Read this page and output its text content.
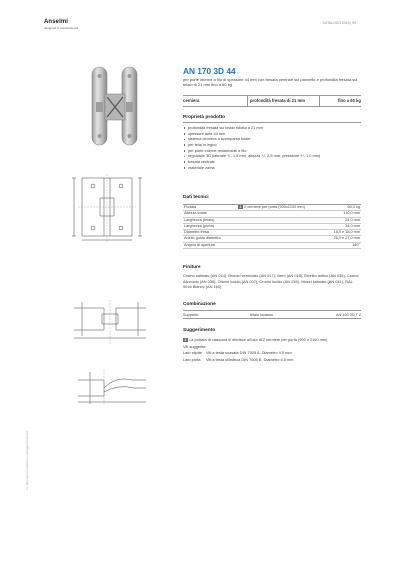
Anselmi
designed & manufactured
CATALOGO 2019 | 99
AN 170 3D 44
per porte interne a filo di spessore 44 mm con fresata centrale sul pannello e profondità fresata sul telaio di 21 mm fino a 60 kg
cerniera	profondità fresata di 21 mm	fino a 60 kg
Proprietà prodotto
profondità fresata sul telaio ridotta a 21 mm
spessore anta 44 mm
sistema cerniera a scomparsa totale
per telai in legno
per porte interne residenziali a filo
regolabile 3D (laterale +/- 1,5 mm, altezza +/- 2,5 mm, pressione +/- 1,0 mm)
fresata centrale
materiale zama
Dati tecnici
Portata	2 2 cerniere per porta (900x2100 mm)	60,0 kg
Altezza totale		110,0 mm
Larghezza (telaio)		24,0 mm
Larghezza (porta)		34,0 mm
Diametro fresa		16,0 e 18,0 mm
Anello guida diametro		25,0 e 27,0 mm
Angolo di apertura		180°
Finiture
Cromo satinato (AN 014), Bronzo verniciato (AN 017), Nero (AN 018), Brunito antico (AN 035), Cromo Alluminio (AN 036), Ottone lucido (AN 037), Cromo lucido (AN 039), Nickel satinato (AN 041), RAL 9016 Bianco (AN 160)
Combinazione
Supporto	telaio incasso	AN 160 3D T 2
Suggerimento
2 La portata di ciascuna si riferisce all'uso di 2 cerniere per porta (900 x 2100 mm)
Viti suggerite:
Lato stipite Viti a testa svasata DIN 7505 A, Diametro 4,5 mm
Lato porta Viti a testa cilindrica DIN 7505 B, Diametro 4,5 mm
Le informazioni subiscono all'aggiornamento
